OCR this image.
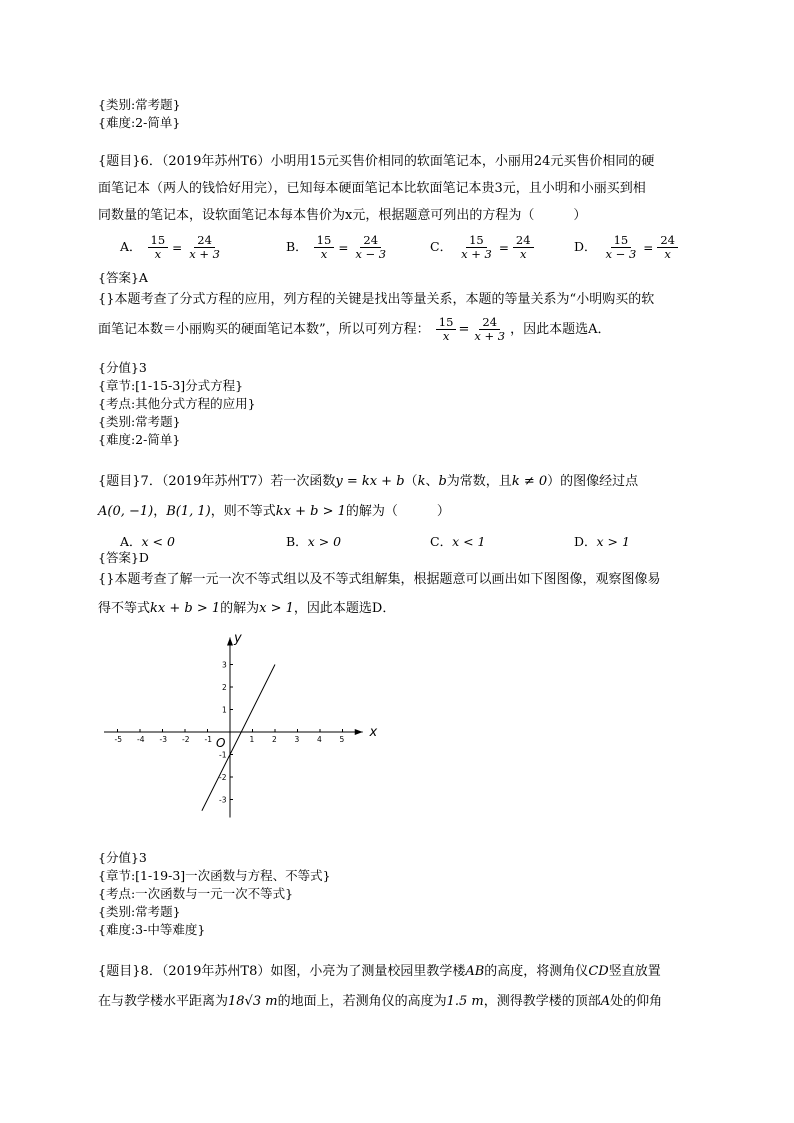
{类别:常考题}
{难度:2-简单}
{题目}6．（2019年苏州T6）小明用15元买售价相同的软面笔记本，小丽用24元买售价相同的硬
面笔记本（两人的钱恰好用完），已知每本硬面笔记本比软面笔记本贵3元，且小明和小丽买到相
同数量的笔记本，设软面笔记本每本售价为x元，根据题意可列出的方程为（　　　）
A． $\frac{15}{x} = \frac{24}{x + 3}$	B． $\frac{15}{x} = \frac{24}{x - 3}$	C． $\frac{15}{x + 3} = \frac{24}{x}$	D． $\frac{15}{x - 3} = \frac{24}{x}$
{答案}A
{}本题考查了分式方程的应用，列方程的关键是找出等量关系，本题的等量关系为“小明购买的软
面笔记本数＝小丽购买的硬面笔记本数”，所以可列方程： $\frac{15}{x} = \frac{24}{x + 3}$ ，因此本题选A．
{分值}3
{章节:[1-15-3]分式方程}
{考点:其他分式方程的应用}
{类别:常考题}
{难度:2-简单}
{题目}7．（2019年苏州T7）若一次函数y = kx + b（k、b为常数，且k ≠ 0）的图像经过点
A(0, −1)，B(1, 1)，则不等式kx + b > 1的解为（　　　）
A．x < 0	B．x > 0	C．x < 1	D．x > 1
{答案}D
{}本题考查了解一元一次不等式组以及不等式组解集，根据题意可以画出如下图图像，观察图像易
得不等式kx + b > 1的解为x > 1，因此本题选D．
x
y
O
-5 -4 -3 -2 -1	1 2 3 4 5
3
2
1
-1
-2
-3
{分值}3
{章节:[1-19-3]一次函数与方程、不等式}
{考点:一次函数与一元一次不等式}
{类别:常考题}
{难度:3-中等难度}
{题目}8．（2019年苏州T8）如图，小亮为了测量校园里教学楼AB的高度，将测角仪CD竖直放置
在与教学楼水平距离为18√3 m的地面上，若测角仪的高度为1.5 m，测得教学楼的顶部A处的仰角
